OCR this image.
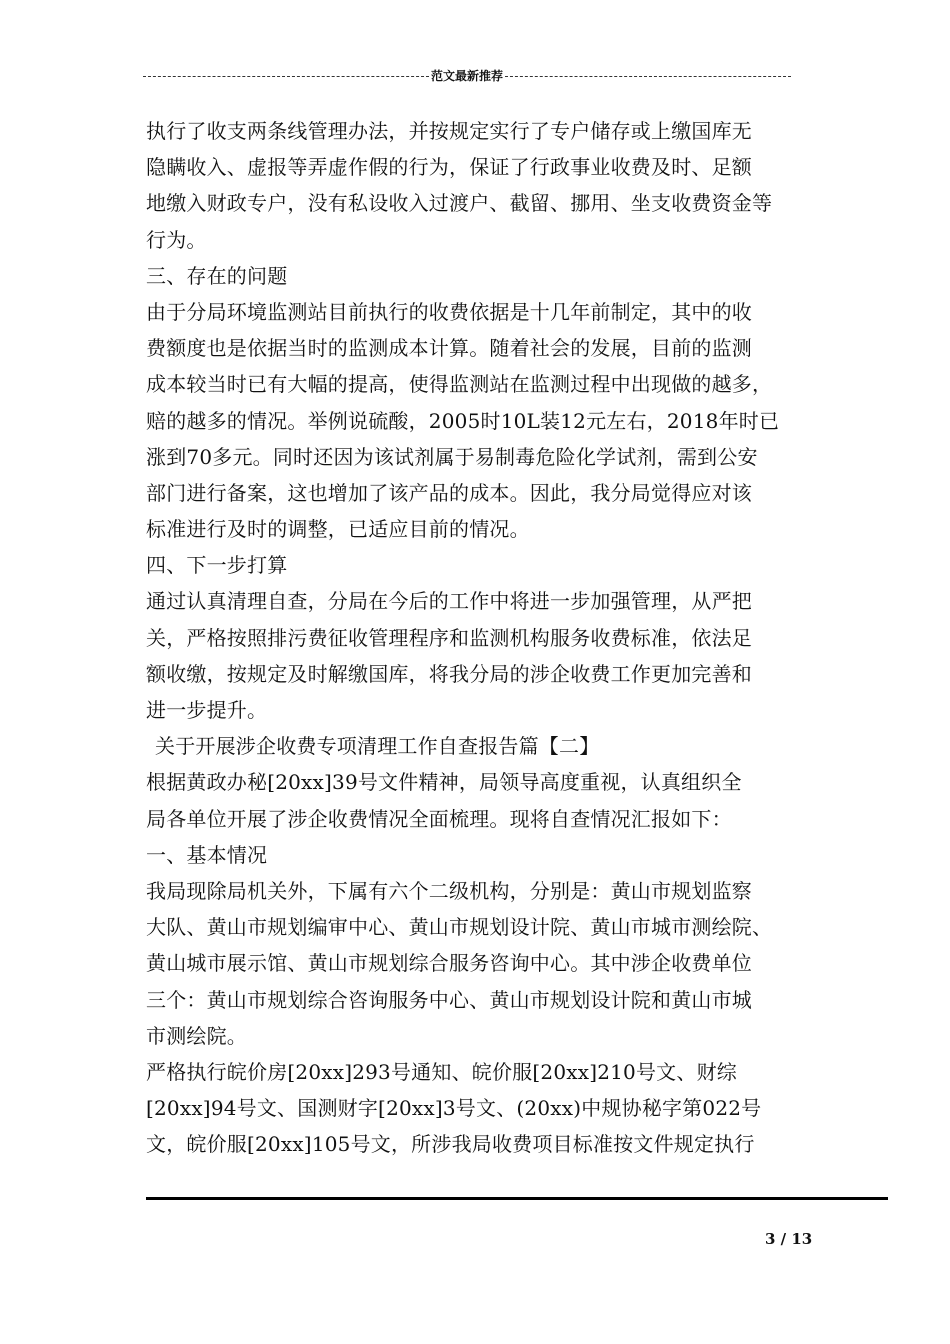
范文最新推荐
执行了收支两条线管理办法，并按规定实行了专户储存或上缴国库无
隐瞒收入、虚报等弄虚作假的行为，保证了行政事业收费及时、足额
地缴入财政专户，没有私设收入过渡户、截留、挪用、坐支收费资金等
行为。
三、存在的问题
由于分局环境监测站目前执行的收费依据是十几年前制定，其中的收
费额度也是依据当时的监测成本计算。随着社会的发展，目前的监测
成本较当时已有大幅的提高，使得监测站在监测过程中出现做的越多，
赔的越多的情况。举例说硫酸，2005时10L装12元左右，2018年时已
涨到70多元。同时还因为该试剂属于易制毒危险化学试剂，需到公安
部门进行备案，这也增加了该产品的成本。因此，我分局觉得应对该
标准进行及时的调整，已适应目前的情况。
四、下一步打算
通过认真清理自查，分局在今后的工作中将进一步加强管理，从严把
关，严格按照排污费征收管理程序和监测机构服务收费标准，依法足
额收缴，按规定及时解缴国库，将我分局的涉企收费工作更加完善和
进一步提升。
关于开展涉企收费专项清理工作自查报告篇【二】
根据黄政办秘[20xx]39号文件精神，局领导高度重视，认真组织全
局各单位开展了涉企收费情况全面梳理。现将自查情况汇报如下：
一、基本情况
我局现除局机关外，下属有六个二级机构，分别是：黄山市规划监察
大队、黄山市规划编审中心、黄山市规划设计院、黄山市城市测绘院、
黄山城市展示馆、黄山市规划综合服务咨询中心。其中涉企收费单位
三个：黄山市规划综合咨询服务中心、黄山市规划设计院和黄山市城
市测绘院。
严格执行皖价房[20xx]293号通知、皖价服[20xx]210号文、财综
[20xx]94号文、国测财字[20xx]3号文、(20xx)中规协秘字第022号
文，皖价服[20xx]105号文，所涉我局收费项目标准按文件规定执行
3 / 13
